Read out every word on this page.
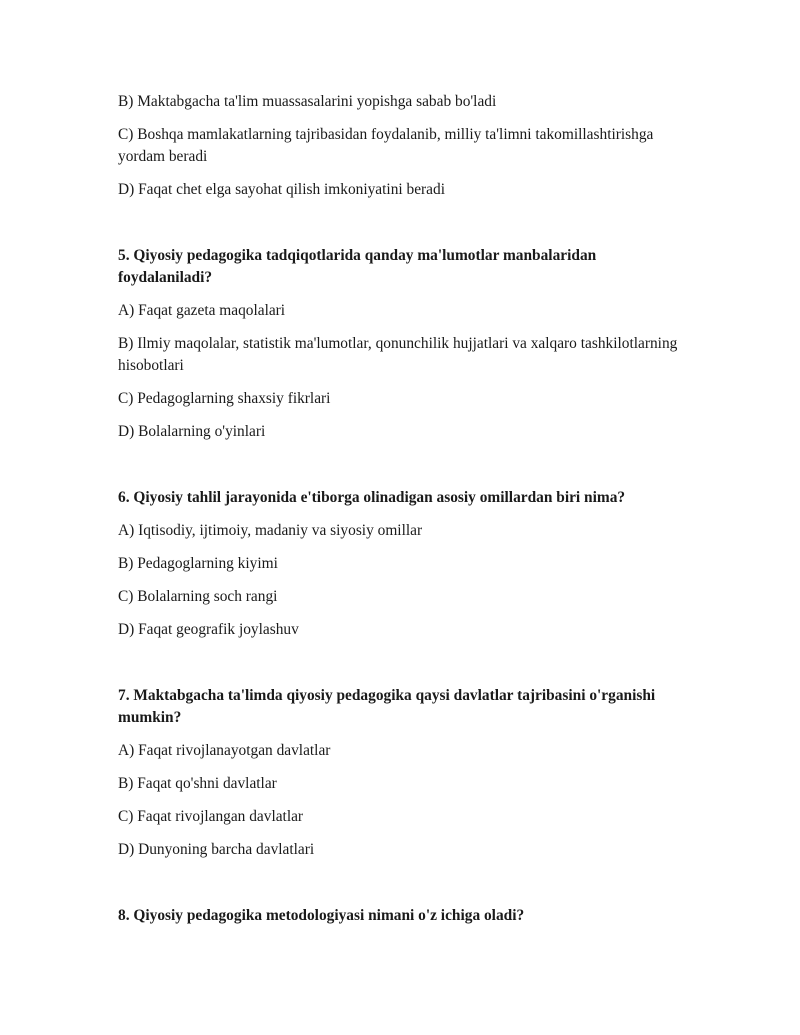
B) Maktabgacha ta'lim muassasalarini yopishga sabab bo'ladi

C) Boshqa mamlakatlarning tajribasidan foydalanib, milliy ta'limni takomillashtirishga yordam beradi

D) Faqat chet elga sayohat qilish imkoniyatini beradi

5. Qiyosiy pedagogika tadqiqotlarida qanday ma'lumotlar manbalaridan foydalaniladi?

A) Faqat gazeta maqolalari

B) Ilmiy maqolalar, statistik ma'lumotlar, qonunchilik hujjatlari va xalqaro tashkilotlarning hisobotlari

C) Pedagoglarning shaxsiy fikrlari

D) Bolalarning o'yinlari

6. Qiyosiy tahlil jarayonida e'tiborga olinadigan asosiy omillardan biri nima?

A) Iqtisodiy, ijtimoiy, madaniy va siyosiy omillar

B) Pedagoglarning kiyimi

C) Bolalarning soch rangi

D) Faqat geografik joylashuv

7. Maktabgacha ta'limda qiyosiy pedagogika qaysi davlatlar tajribasini o'rganishi mumkin?

A) Faqat rivojlanayotgan davlatlar

B) Faqat qo'shni davlatlar

C) Faqat rivojlangan davlatlar

D) Dunyoning barcha davlatlari

8. Qiyosiy pedagogika metodologiyasi nimani o'z ichiga oladi?
